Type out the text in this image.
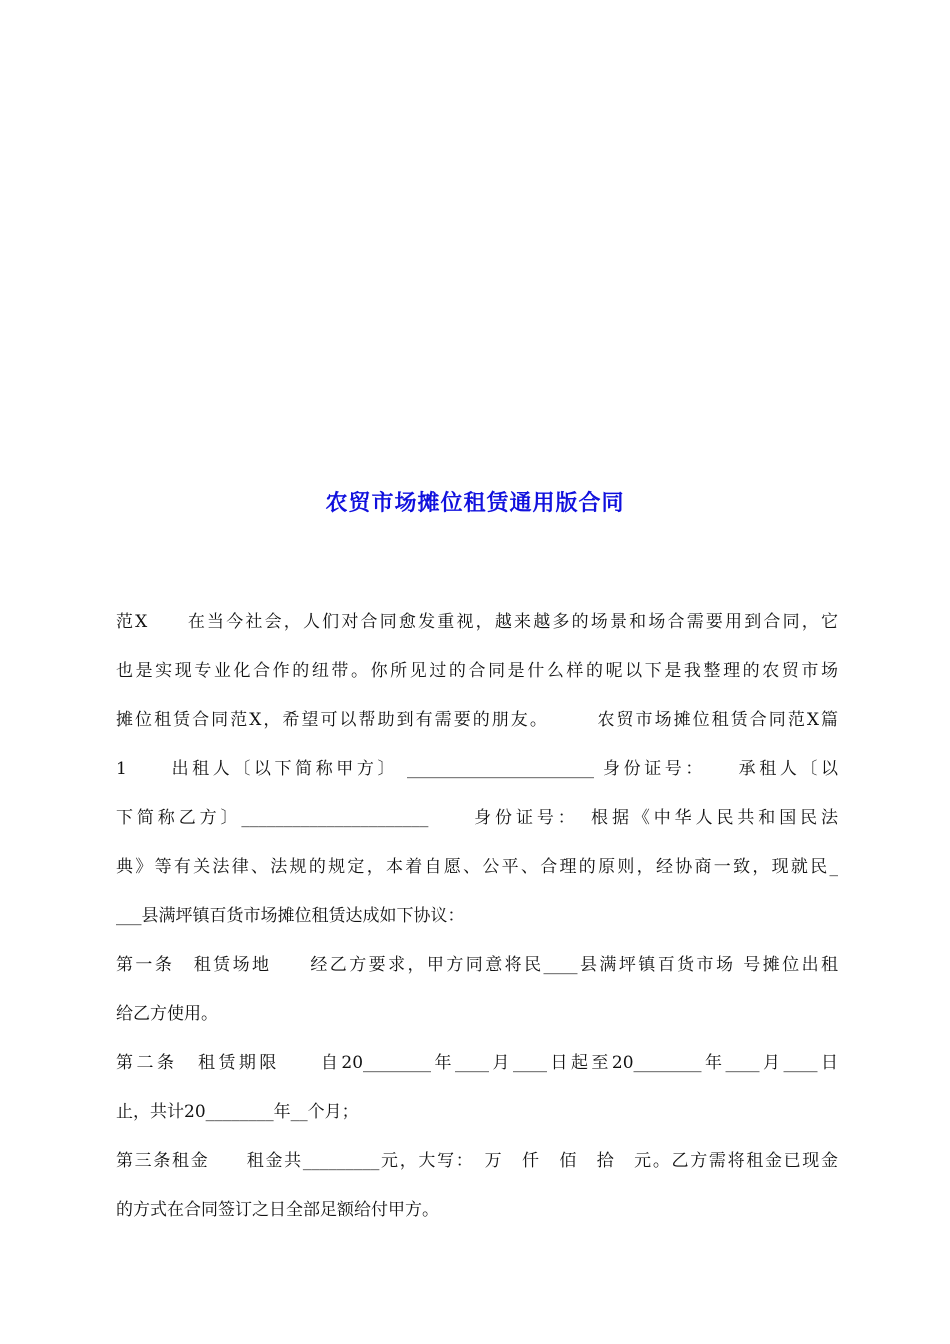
农贸市场摊位租赁通用版合同
范X　　在当今社会，人们对合同愈发重视，越来越多的场景和场合需要用到合同，它
也是实现专业化合作的纽带。你所见过的合同是什么样的呢以下是我整理的农贸市场
摊位租赁合同范X，希望可以帮助到有需要的朋友。　　　农贸市场摊位租赁合同范X篇
1　　出租人〔以下简称甲方〕 ______________________ 身份证号：　　承租人〔以
下简称乙方〕______________________　　身份证号：　根据《中华人民共和国民法
典》等有关法律、法规的规定，本着自愿、公平、合理的原则，经协商一致，现就民_
___县满坪镇百货市场摊位租赁达成如下协议：
第一条　租赁场地　　经乙方要求，甲方同意将民____县满坪镇百货市场 号摊位出租
给乙方使用。
第二条　租赁期限　　自20________年____月____日起至20________年____月____日
止，共计20________年__个月；
第三条租金　　租金共_________元，大写：　万　仟　佰　拾　元。乙方需将租金已现金
的方式在合同签订之日全部足额给付甲方。
